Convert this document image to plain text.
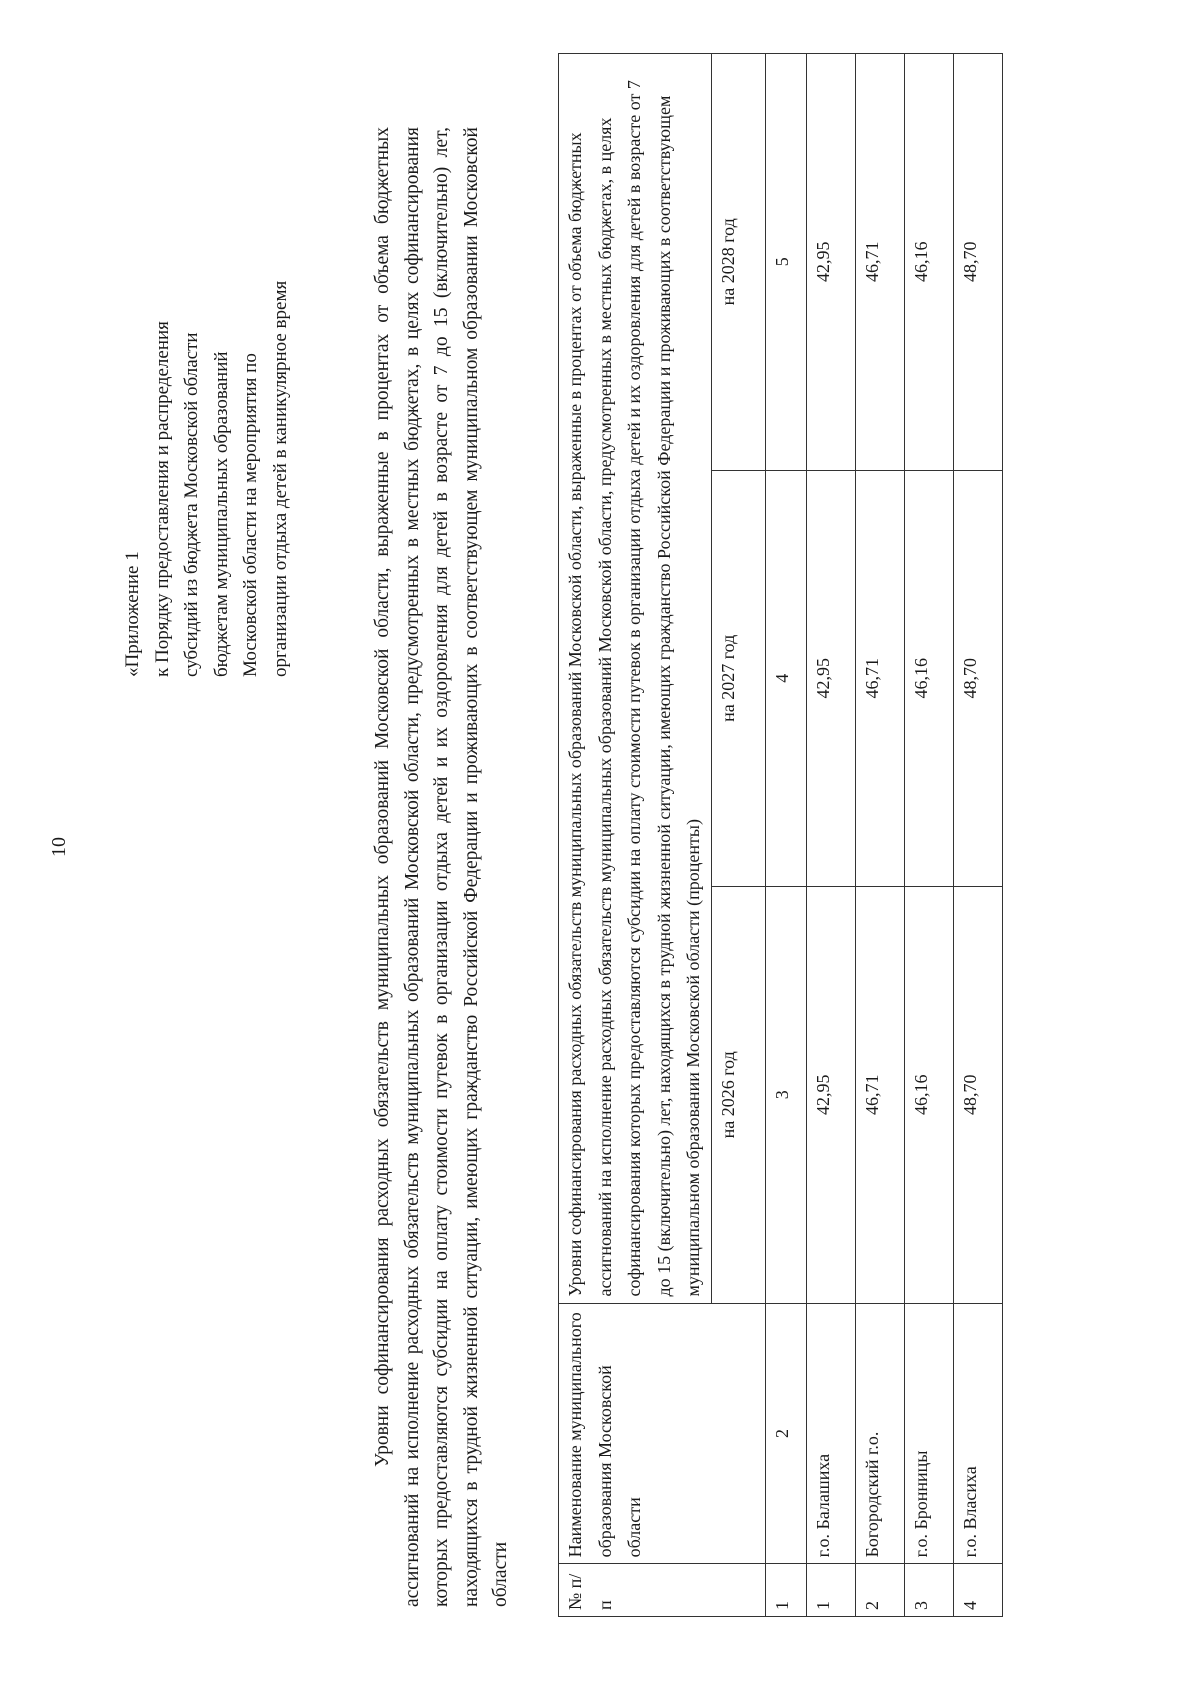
10
«Приложение 1 к Порядку предоставления и распределения субсидий из бюджета Московской области бюджетам муниципальных образований Московской области на мероприятия по организации отдыха детей в каникулярное время	Уровни софинансирования расходных обязательств муниципальных образований Московской области, выраженные в процентах от объема бюджетных ассигнований на исполнение расходных обязательств муниципальных образований Московской области, предусмотренных в местных бюджетах, в целях софинансирования которых предоставляются субсидии на оплату стоимости путевок в организации отдыха детей и их оздоровления для детей в возрасте от 7 до 15 (включительно) лет, находящихся в трудной жизненной ситуации, имеющих гражданство Российской Федерации и проживающих в соответствующем муниципальном образовании Московской области	№ п/п	Наименование муниципального образования Московской области	Уровни софинансирования расходных обязательств муниципальных образований Московской области, выраженные в процентах от объема бюджетных ассигнований на исполнение расходных обязательств муниципальных образований Московской области, предусмотренных в местных бюджетах, в целях софинансирования которых предоставляются субсидии на оплату стоимости путевок в организации отдыха детей и их оздоровления для детей в возрасте от 7 до 15 (включительно) лет, находящихся в трудной жизненной ситуации, имеющих гражданство Российской Федерации и проживающих в соответствующем муниципальном образовании Московской области (проценты)		
		на 2026 год	на 2027 год	на 2028 год
1	2	3	4	5
1	г.о. Балашиха	42,95	42,95	42,95
2	Богородский г.о.	46,71	46,71	46,71
3	г.о. Бронницы	46,16	46,16	46,16
4	г.о. Власиха	48,70	48,70	48,70
